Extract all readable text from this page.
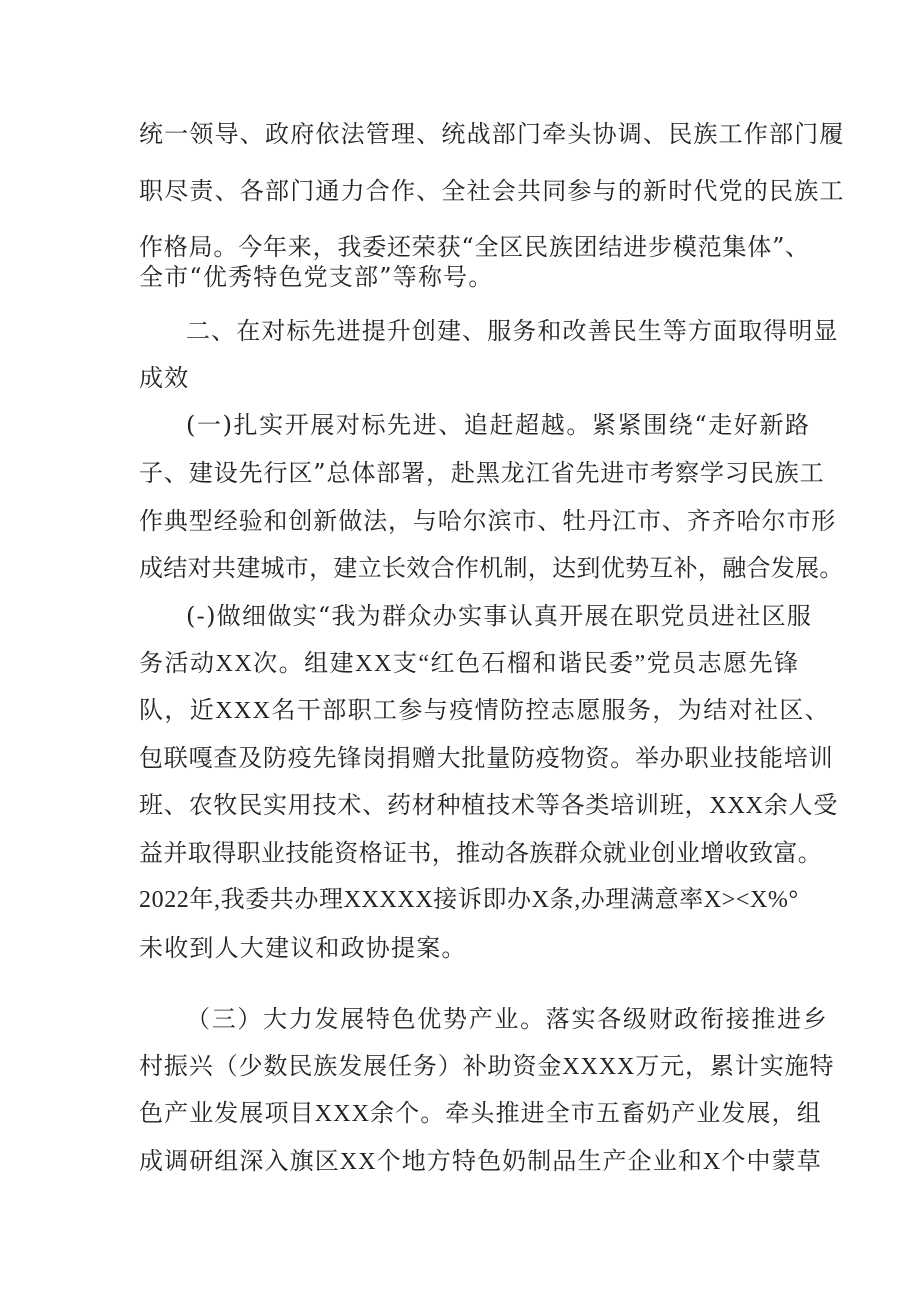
统一领导、政府依法管理、统战部门牵头协调、民族工作部门履
职尽责、各部门通力合作、全社会共同参与的新时代党的民族工
作格局。今年来，我委还荣获“全区民族团结进步模范集体”、
全市“优秀特色党支部”等称号。
二、在对标先进提升创建、服务和改善民生等方面取得明显
成效
(一)扎实开展对标先进、追赶超越。紧紧围绕“走好新路
子、建设先行区”总体部署，赴黑龙江省先进市考察学习民族工
作典型经验和创新做法，与哈尔滨市、牡丹江市、齐齐哈尔市形
成结对共建城市，建立长效合作机制，达到优势互补，融合发展。
(-)做细做实“我为群众办实事认真开展在职党员进社区服
务活动XX次。组建XX支“红色石榴和谐民委”党员志愿先锋
队，近XXX名干部职工参与疫情防控志愿服务，为结对社区、
包联嘎查及防疫先锋岗捐赠大批量防疫物资。举办职业技能培训
班、农牧民实用技术、药材种植技术等各类培训班，XXX余人受
益并取得职业技能资格证书，推动各族群众就业创业增收致富。
2022年,我委共办理XXXXX接诉即办X条,办理满意率X><X%°
未收到人大建议和政协提案。
（三）大力发展特色优势产业。落实各级财政衔接推进乡
村振兴（少数民族发展任务）补助资金XXXX万元，累计实施特
色产业发展项目XXX余个。牵头推进全市五畜奶产业发展，组
成调研组深入旗区XX个地方特色奶制品生产企业和X个中蒙草
